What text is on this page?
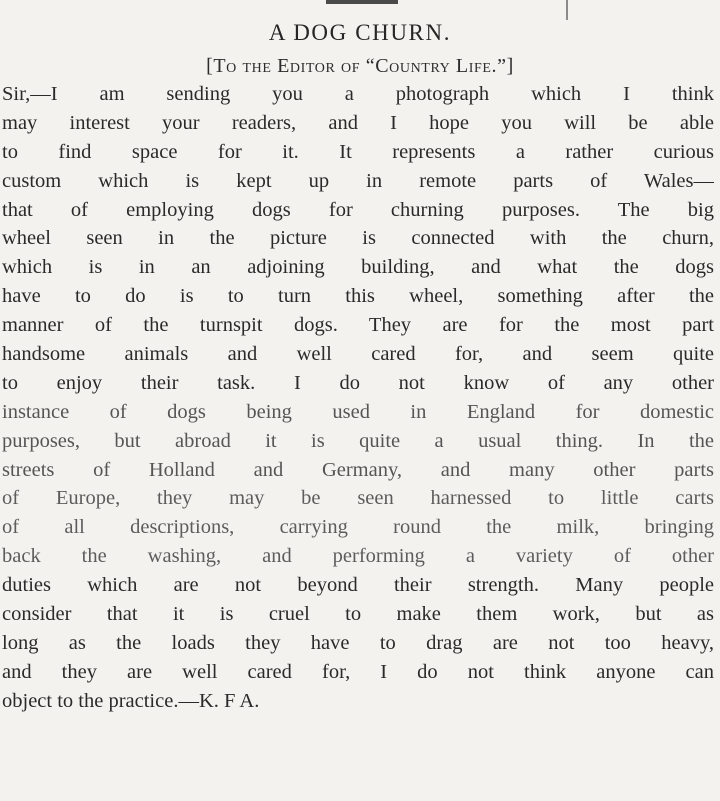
A DOG CHURN.
[To the Editor of “Country Life.”]
Sir,—I am sending you a photograph which I think
may interest your readers, and I hope you will be able
to find space for it. It represents a rather curious
custom which is kept up in remote parts of Wales—
that of employing dogs for churning purposes. The big
wheel seen in the picture is connected with the churn,
which is in an adjoining building, and what the dogs
have to do is to turn this wheel, something after the
manner of the turnspit dogs. They are for the most part
handsome animals and well cared for, and seem quite
to enjoy their task. I do not know of any other
instance of dogs being used in England for domestic
purposes, but abroad it is quite a usual thing. In the
streets of Holland and Germany, and many other parts
of Europe, they may be seen harnessed to little carts
of all descriptions, carrying round the milk, bringing
back the washing, and performing a variety of other
duties which are not beyond their strength. Many people
consider that it is cruel to make them work, but as
long as the loads they have to drag are not too heavy,
and they are well cared for, I do not think anyone can
object to the practice.—K. F A.
